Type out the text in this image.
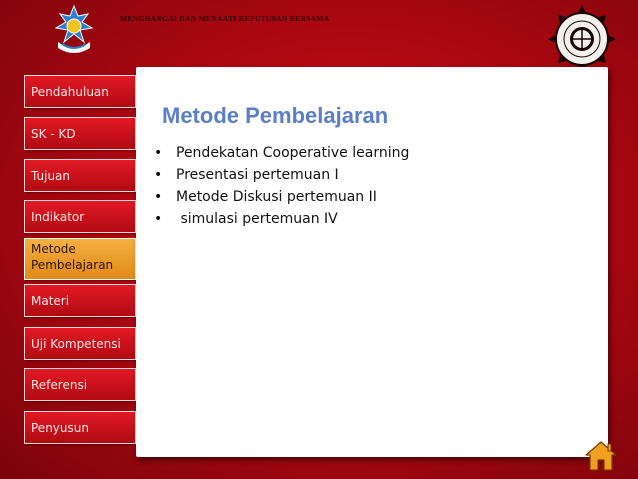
MENGHARGAI DAN MENAATI KEPUTUSAN BERSAMA
Pendahuluan
SK - KD
Tujuan
Indikator
Metode Pembelajaran
Materi
Uji Kompetensi
Referensi
Penyusun
Metode Pembelajaran
• Pendekatan Cooperative learning
• Presentasi pertemuan I
• Metode Diskusi pertemuan II
• simulasi pertemuan IV
